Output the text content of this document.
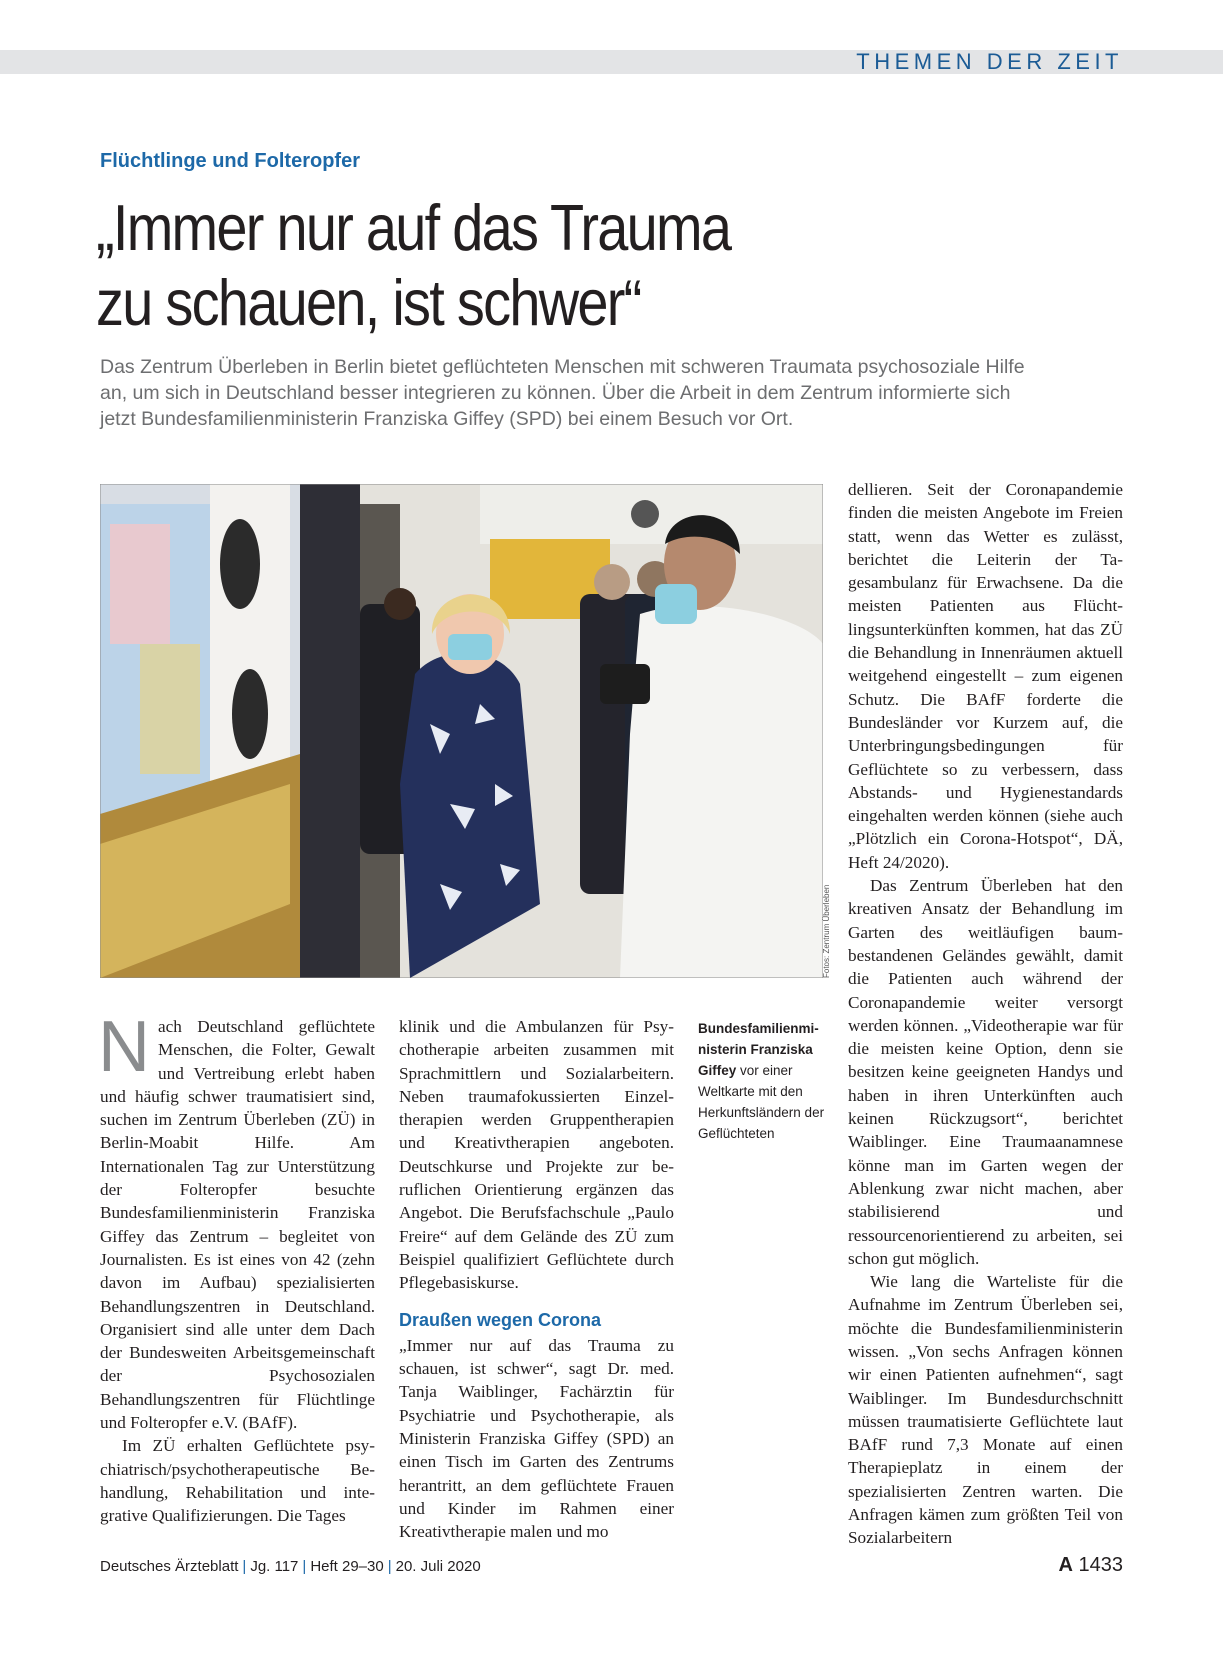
THEMEN DER ZEIT
Flüchtlinge und Folteropfer
„Immer nur auf das Trauma
zu schauen, ist schwer“

Das Zentrum Überleben in Berlin bietet geflüchteten Menschen mit schweren Traumata psychosoziale Hilfe an, um sich in Deutschland besser integrieren zu können. Über die Arbeit in dem Zentrum informierte sich jetzt Bundesfamilienministerin Franziska Giffey (SPD) bei einem Besuch vor Ort.

Fotos: Zentrum Überleben
Bundesfamilienministerin Franziska Giffey vor einer Weltkarte mit den Herkunftsländern der Geflüchteten

Nach Deutschland geflüchtete Menschen, die Folter, Gewalt und Vertreibung erlebt haben und häufig schwer traumatisiert sind, suchen im Zentrum Überleben (ZÜ) in Berlin-Moabit Hilfe. Am Internationalen Tag zur Unterstützung der Folteropfer besuchte Bundesfamilienministerin Franziska Giffey das Zentrum – begleitet von Journalisten. Es ist eines von 42 (zehn davon im Aufbau) spezialisierten Behandlungszentren in Deutschland. Organisiert sind alle unter dem Dach der Bundesweiten Arbeitsgemeinschaft der Psychosozialen Behandlungszentren für Flüchtlinge und Folteropfer e.V. (BAfF).

Im ZÜ erhalten Geflüchtete psychiatrisch/psychotherapeutische Behandlung, Rehabilitation und integrative Qualifizierungen. Die Tages

klinik und die Ambulanzen für Psychotherapie arbeiten zusammen mit Sprachmittlern und Sozialarbeitern. Neben traumafokussierten Einzeltherapien werden Gruppentherapien und Kreativtherapien angeboten. Deutschkurse und Projekte zur beruflichen Orientierung ergänzen das Angebot. Die Berufsfachschule „Paulo Freire“ auf dem Gelände des ZÜ zum Beispiel qualifiziert Geflüchtete durch Pflegebasiskurse.

Draußen wegen Corona

„Immer nur auf das Trauma zu schauen, ist schwer“, sagt Dr. med. Tanja Waiblinger, Fachärztin für Psychiatrie und Psychotherapie, als Ministerin Franziska Giffey (SPD) an einen Tisch im Garten des Zentrums herantritt, an dem geflüchtete Frauen und Kinder im Rahmen einer Kreativtherapie malen und mo

dellieren. Seit der Coronapandemie finden die meisten Angebote im Freien statt, wenn das Wetter es zulässt, berichtet die Leiterin der Tagesambulanz für Erwachsene. Da die meisten Patienten aus Flüchtlingsunterkünften kommen, hat das ZÜ die Behandlung in Innenräumen aktuell weitgehend eingestellt – zum eigenen Schutz. Die BAfF forderte die Bundesländer vor Kurzem auf, die Unterbringungsbedingungen für Geflüchtete so zu verbessern, dass Abstands- und Hygienestandards eingehalten werden können (siehe auch „Plötzlich ein Corona-Hotspot“, DÄ, Heft 24/2020).

Das Zentrum Überleben hat den kreativen Ansatz der Behandlung im Garten des weitläufigen baumbestandenen Geländes gewählt, damit die Patienten auch während der Coronapandemie weiter versorgt werden können. „Videotherapie war für die meisten keine Option, denn sie besitzen keine geeigneten Handys und haben in ihren Unterkünften auch keinen Rückzugsort“, berichtet Waiblinger. Eine Traumaanamnese könne man im Garten wegen der Ablenkung zwar nicht machen, aber stabilisierend und ressourcenorientierend zu arbeiten, sei schon gut möglich.

Wie lang die Warteliste für die Aufnahme im Zentrum Überleben sei, möchte die Bundesfamilienministerin wissen. „Von sechs Anfragen können wir einen Patienten aufnehmen“, sagt Waiblinger. Im Bundesdurchschnitt müssen traumatisierte Geflüchtete laut BAfF rund 7,3 Monate auf einen Therapieplatz in einem der spezialisierten Zentren warten. Die Anfragen kämen zum größten Teil von Sozialarbeitern

Deutsches Ärzteblatt | Jg. 117 | Heft 29–30 | 20. Juli 2020	A 1433
